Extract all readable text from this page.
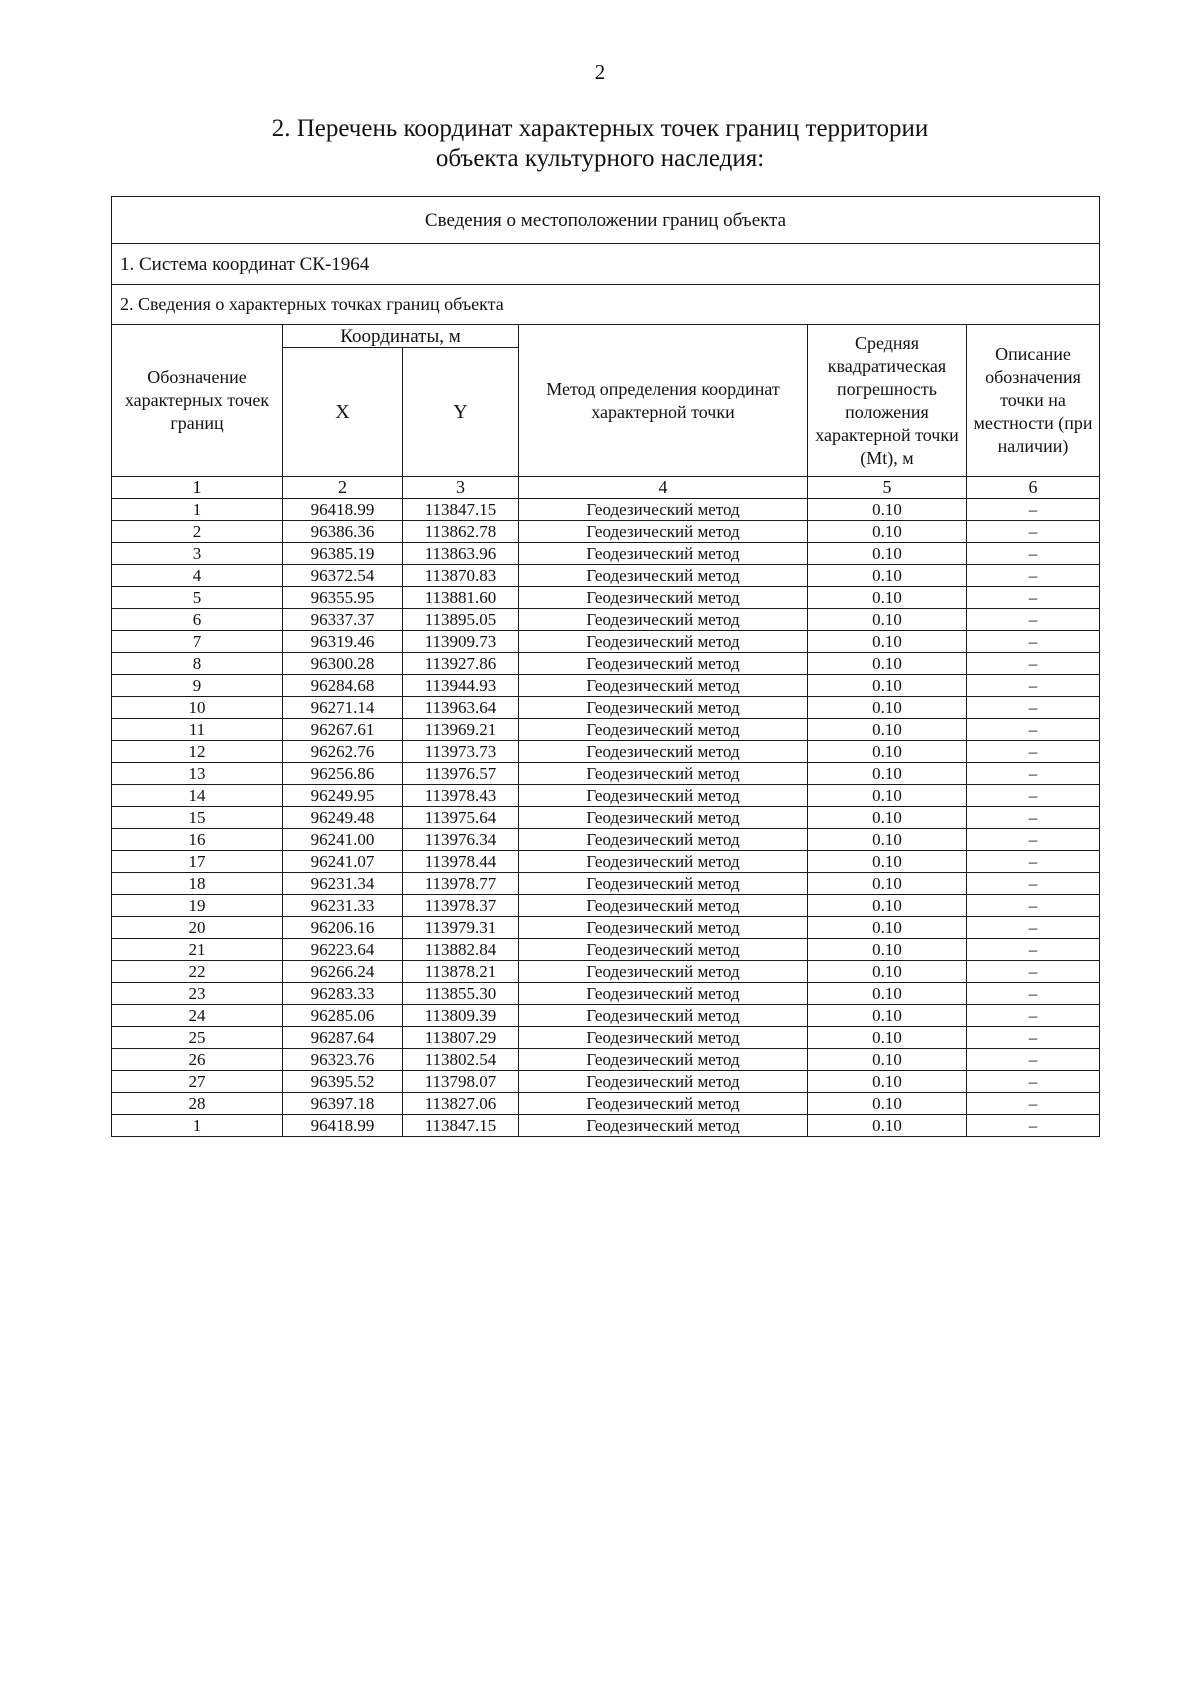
2
2. Перечень координат характерных точек границ территории
объекта культурного наследия:
Сведения о местоположении границ объекта					
1. Система координат СК-1964					
2. Сведения о характерных точках границ объекта					
Обозначение характерных точек границ	Координаты, м		Метод определения координат характерной точки	Средняя квадратическая погрешность положения характерной точки (Mt), м	Описание обозначения точки на местности (при наличии)
	X	Y			
1	2	3	4	5	6
1	96418.99	113847.15	Геодезический метод	0.10	–
2	96386.36	113862.78	Геодезический метод	0.10	–
3	96385.19	113863.96	Геодезический метод	0.10	–
4	96372.54	113870.83	Геодезический метод	0.10	–
5	96355.95	113881.60	Геодезический метод	0.10	–
6	96337.37	113895.05	Геодезический метод	0.10	–
7	96319.46	113909.73	Геодезический метод	0.10	–
8	96300.28	113927.86	Геодезический метод	0.10	–
9	96284.68	113944.93	Геодезический метод	0.10	–
10	96271.14	113963.64	Геодезический метод	0.10	–
11	96267.61	113969.21	Геодезический метод	0.10	–
12	96262.76	113973.73	Геодезический метод	0.10	–
13	96256.86	113976.57	Геодезический метод	0.10	–
14	96249.95	113978.43	Геодезический метод	0.10	–
15	96249.48	113975.64	Геодезический метод	0.10	–
16	96241.00	113976.34	Геодезический метод	0.10	–
17	96241.07	113978.44	Геодезический метод	0.10	–
18	96231.34	113978.77	Геодезический метод	0.10	–
19	96231.33	113978.37	Геодезический метод	0.10	–
20	96206.16	113979.31	Геодезический метод	0.10	–
21	96223.64	113882.84	Геодезический метод	0.10	–
22	96266.24	113878.21	Геодезический метод	0.10	–
23	96283.33	113855.30	Геодезический метод	0.10	–
24	96285.06	113809.39	Геодезический метод	0.10	–
25	96287.64	113807.29	Геодезический метод	0.10	–
26	96323.76	113802.54	Геодезический метод	0.10	–
27	96395.52	113798.07	Геодезический метод	0.10	–
28	96397.18	113827.06	Геодезический метод	0.10	–
1	96418.99	113847.15	Геодезический метод	0.10	–
